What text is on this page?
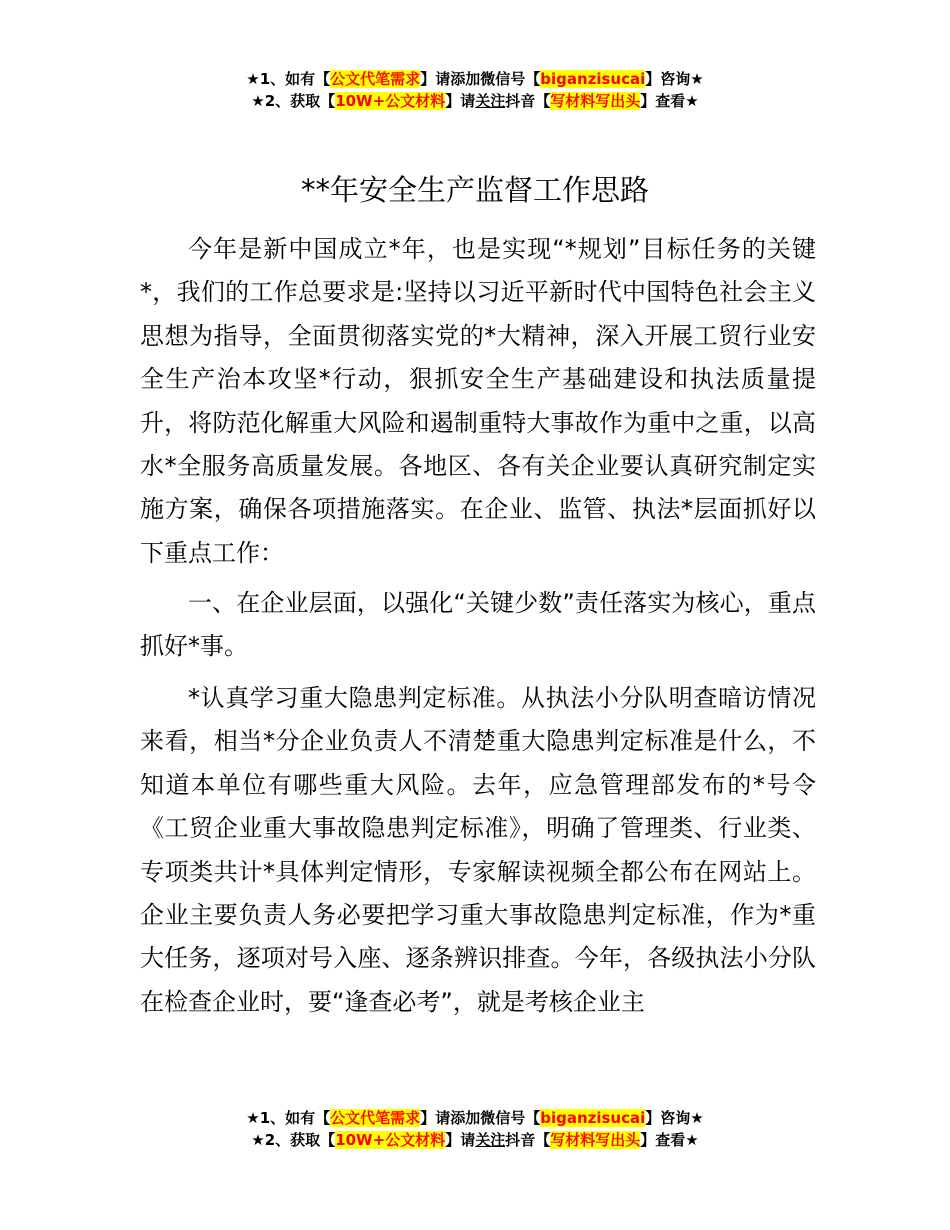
★1、如有【公文代笔需求】请添加微信号【biganzisucai】咨询★
★2、获取【10W+公文材料】请关注抖音【写材料写出头】查看★
**年安全生产监督工作思路

今年是新中国成立*年，也是实现“*规划”目标任务的关键*，我们的工作总要求是:坚持以习近平新时代中国特色社会主义思想为指导，全面贯彻落实党的*大精神，深入开展工贸行业安全生产治本攻坚*行动，狠抓安全生产基础建设和执法质量提升，将防范化解重大风险和遏制重特大事故作为重中之重，以高水*全服务高质量发展。各地区、各有关企业要认真研究制定实施方案，确保各项措施落实。在企业、监管、执法*层面抓好以下重点工作：

一、在企业层面，以强化“关键少数”责任落实为核心，重点抓好*事。

*认真学习重大隐患判定标准。从执法小分队明查暗访情况来看，相当*分企业负责人不清楚重大隐患判定标准是什么，不知道本单位有哪些重大风险。去年，应急管理部发布的*号令《工贸企业重大事故隐患判定标准》，明确了管理类、行业类、专项类共计*具体判定情形，专家解读视频全都公布在网站上。企业主要负责人务必要把学习重大事故隐患判定标准，作为*重大任务，逐项对号入座、逐条辨识排查。今年，各级执法小分队在检查企业时，要“逢查必考”，就是考核企业主

★1、如有【公文代笔需求】请添加微信号【biganzisucai】咨询★
★2、获取【10W+公文材料】请关注抖音【写材料写出头】查看★
